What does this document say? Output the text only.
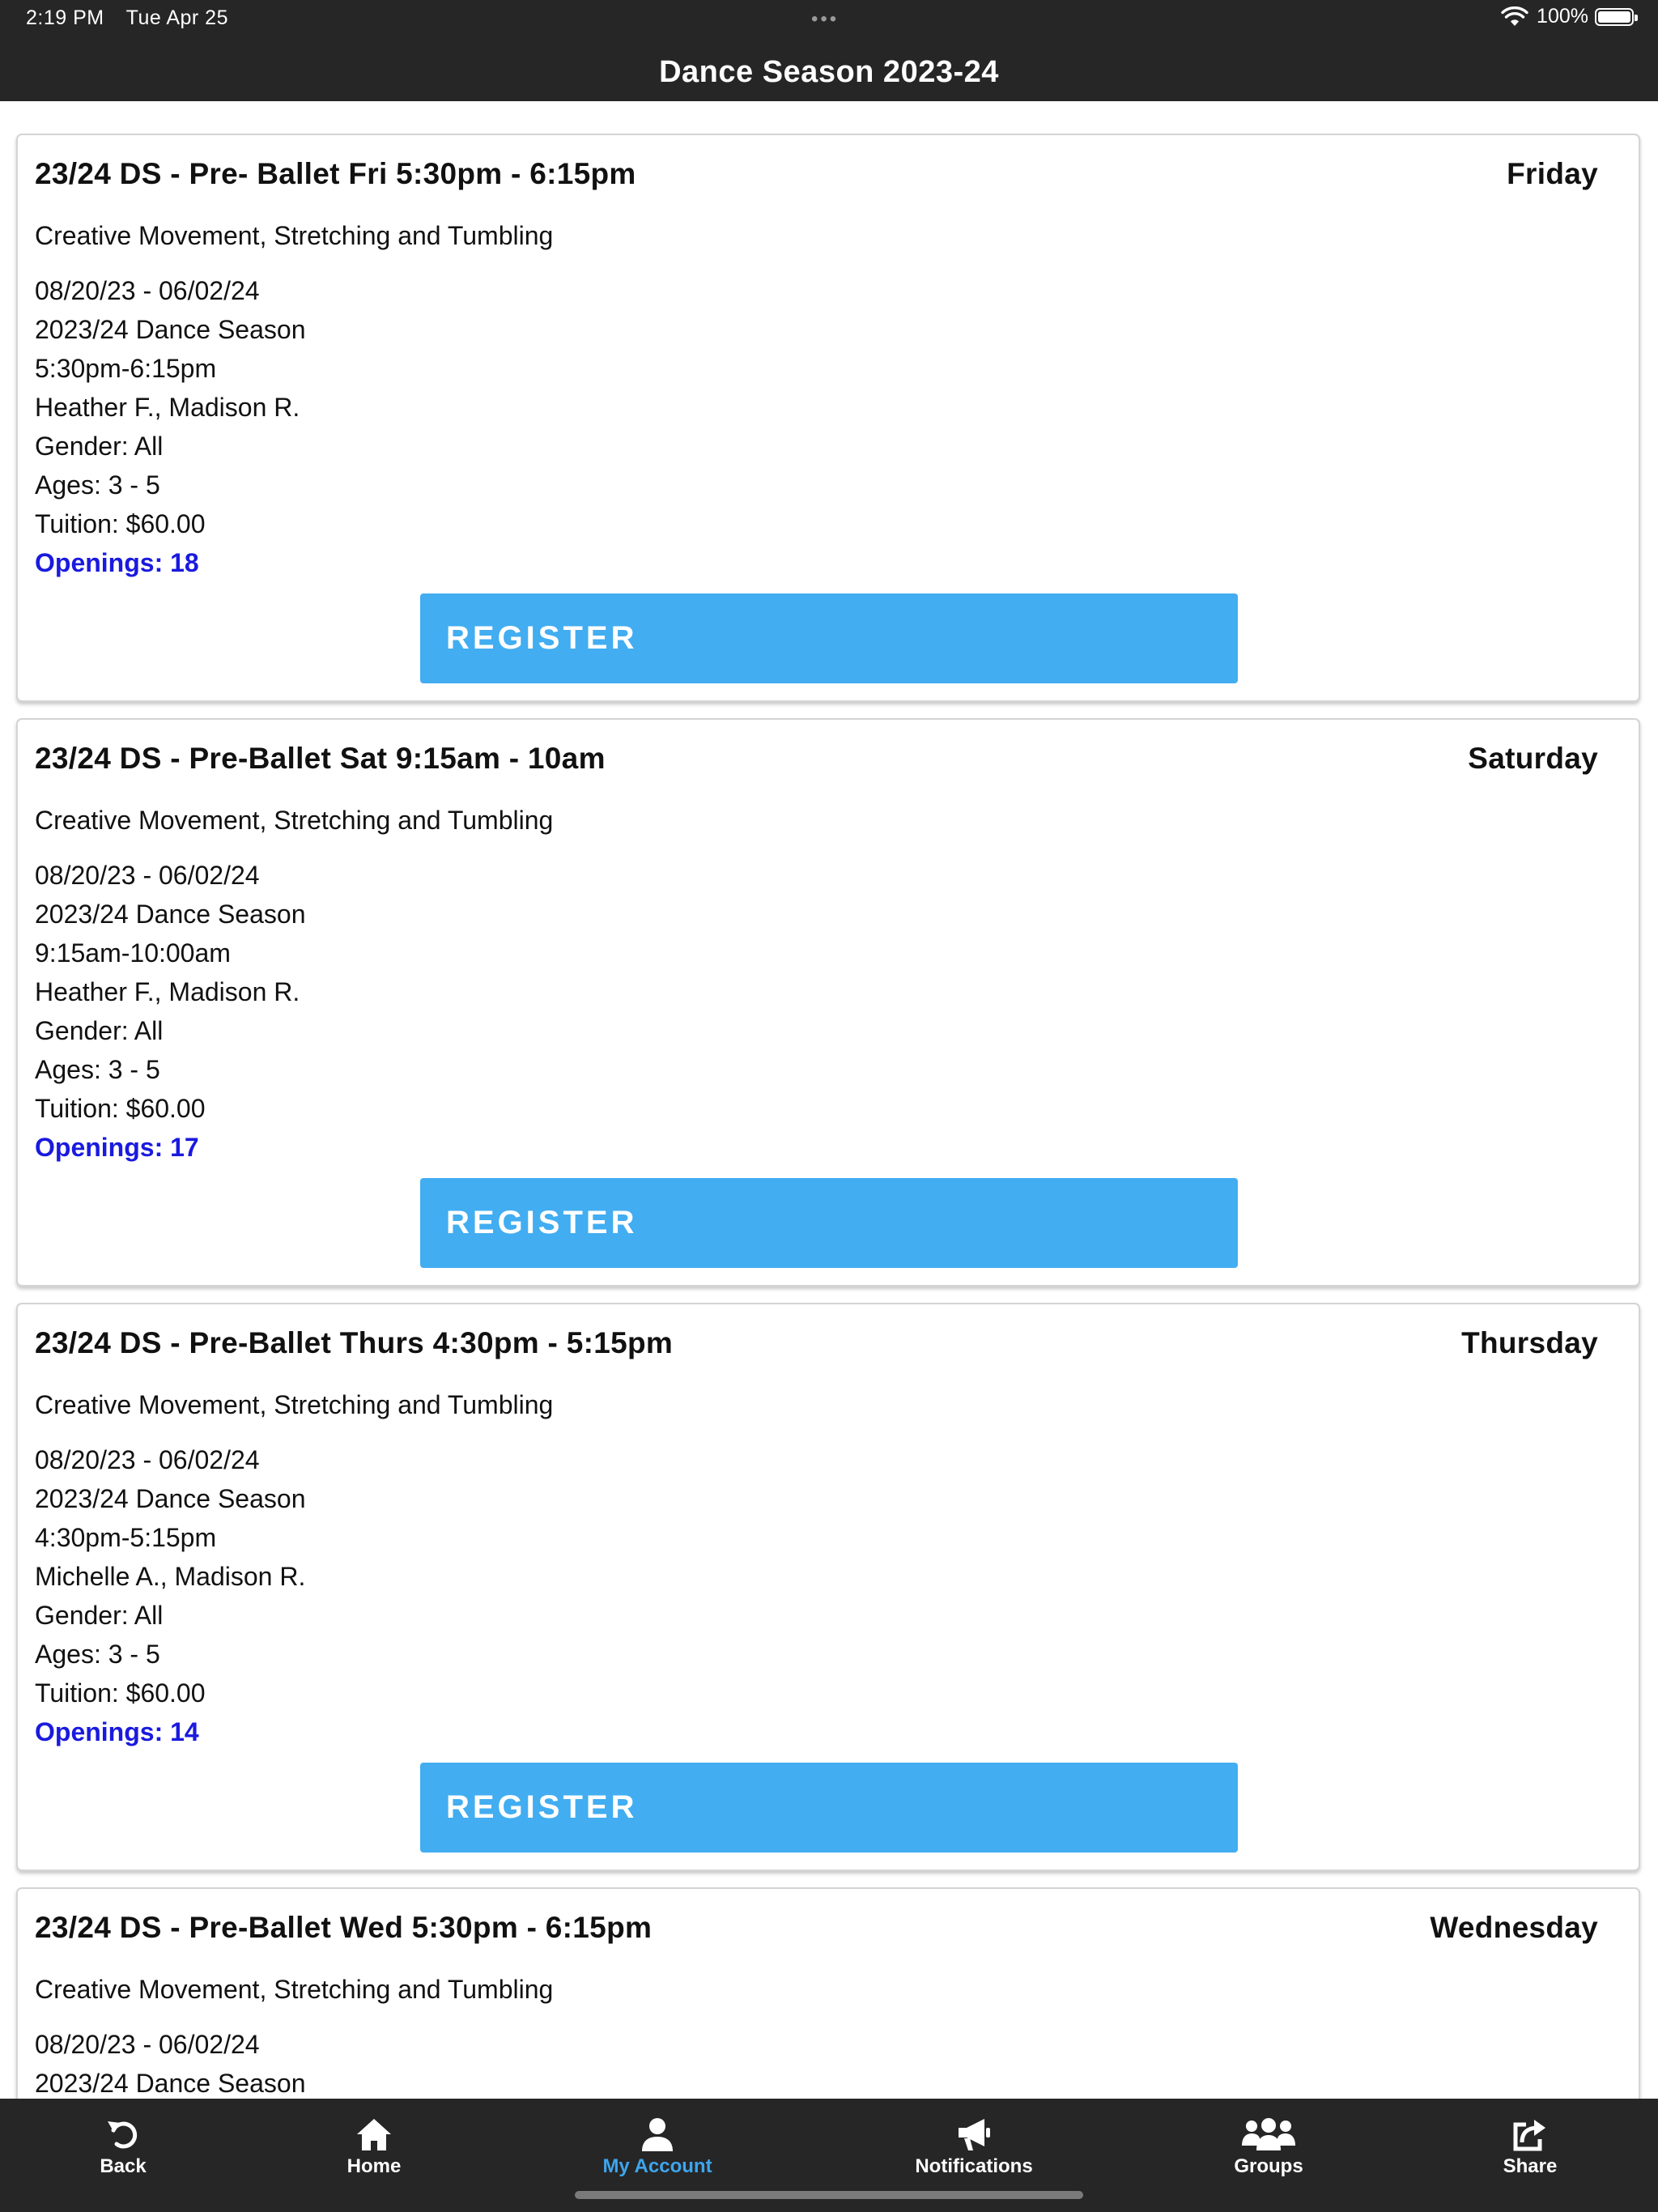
2:19 PM Tue Apr 25	•••	100%
Dance Season 2023-24
23/24 DS - Pre- Ballet Fri 5:30pm - 6:15pm	Friday
Creative Movement, Stretching and Tumbling
08/20/23 - 06/02/24
2023/24 Dance Season
5:30pm-6:15pm
Heather F., Madison R.
Gender: All
Ages: 3 - 5
Tuition: $60.00
Openings: 18
REGISTER
23/24 DS - Pre-Ballet Sat 9:15am - 10am	Saturday
Creative Movement, Stretching and Tumbling
08/20/23 - 06/02/24
2023/24 Dance Season
9:15am-10:00am
Heather F., Madison R.
Gender: All
Ages: 3 - 5
Tuition: $60.00
Openings: 17
REGISTER
23/24 DS - Pre-Ballet Thurs 4:30pm - 5:15pm	Thursday
Creative Movement, Stretching and Tumbling
08/20/23 - 06/02/24
2023/24 Dance Season
4:30pm-5:15pm
Michelle A., Madison R.
Gender: All
Ages: 3 - 5
Tuition: $60.00
Openings: 14
REGISTER
23/24 DS - Pre-Ballet Wed 5:30pm - 6:15pm	Wednesday
Creative Movement, Stretching and Tumbling
08/20/23 - 06/02/24
2023/24 Dance Season
Back	Home	My Account	Notifications	Groups	Share
